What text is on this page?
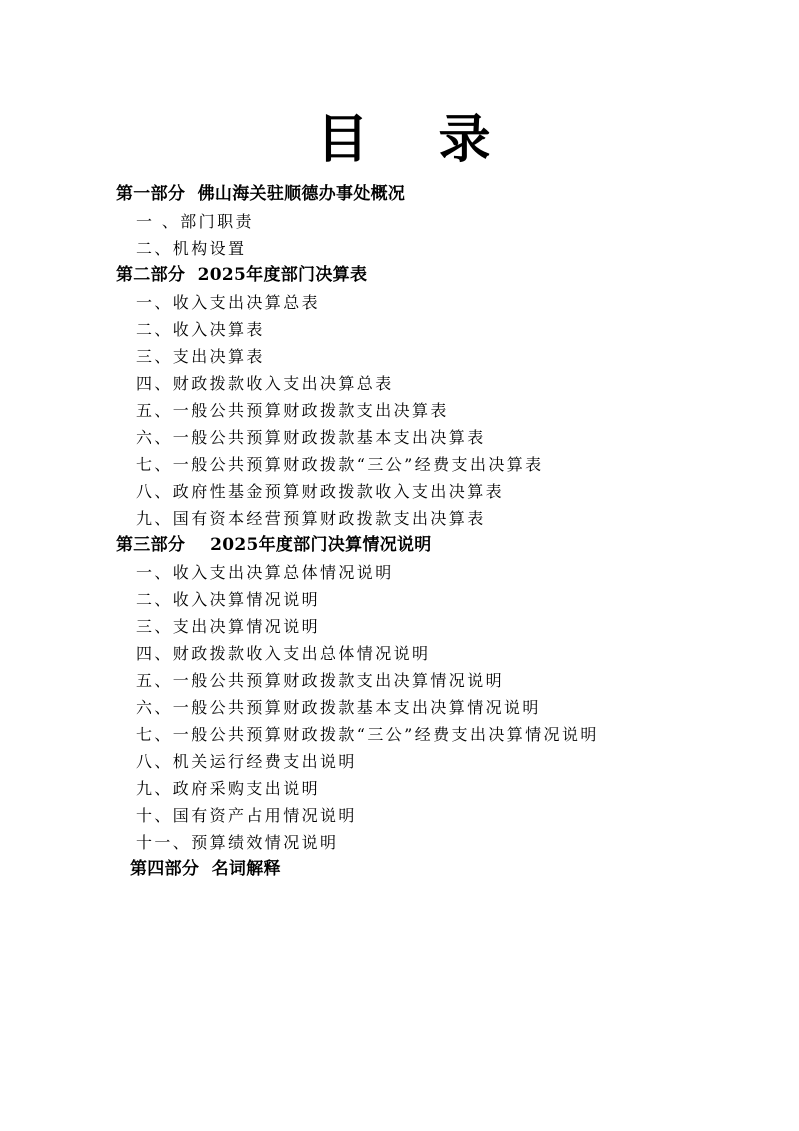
目 录
第一部分  佛山海关驻顺德办事处概况
一 、部门职责
二、机构设置
第二部分  2025年度部门决算表
一、收入支出决算总表
二、收入决算表
三、支出决算表
四、财政拨款收入支出决算总表
五、一般公共预算财政拨款支出决算表
六、一般公共预算财政拨款基本支出决算表
七、一般公共预算财政拨款“三公”经费支出决算表
八、政府性基金预算财政拨款收入支出决算表
九、国有资本经营预算财政拨款支出决算表
第三部分    2025年度部门决算情况说明
一、收入支出决算总体情况说明
二、收入决算情况说明
三、支出决算情况说明
四、财政拨款收入支出总体情况说明
五、一般公共预算财政拨款支出决算情况说明
六、一般公共预算财政拨款基本支出决算情况说明
七、一般公共预算财政拨款“三公”经费支出决算情况说明
八、机关运行经费支出说明
九、政府采购支出说明
十、国有资产占用情况说明
十一、预算绩效情况说明
第四部分  名词解释
